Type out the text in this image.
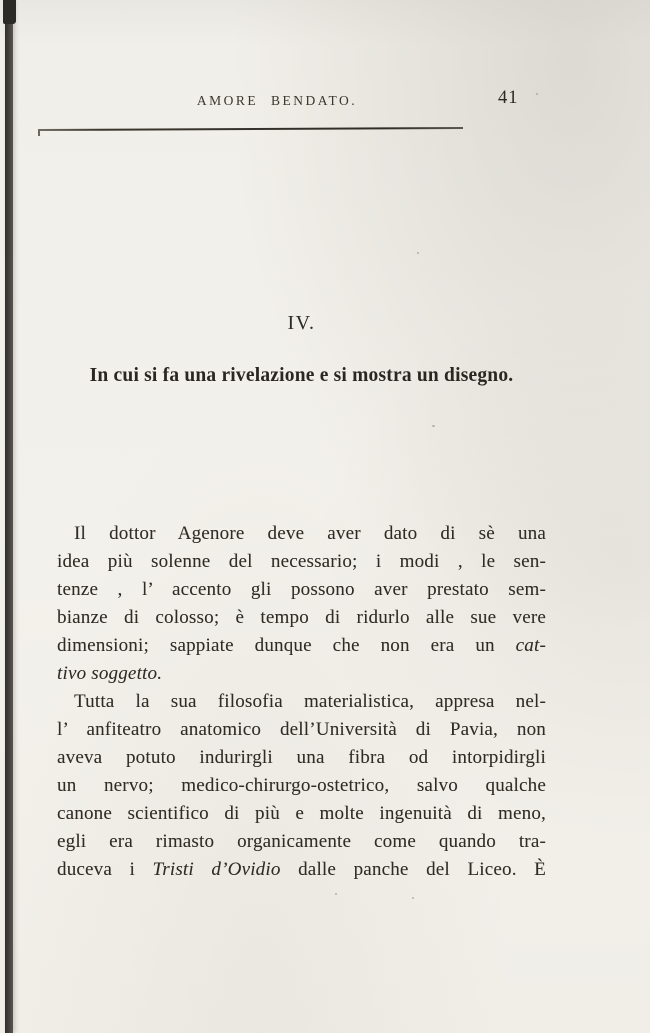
AMORE BENDATO.	41
IV.
In cui si fa una rivelazione e si mostra un disegno.
Il dottor Agenore deve aver dato di sè una
idea più solenne del necessario; i modi , le sen-
tenze , l’ accento gli possono aver prestato sem-
bianze di colosso; è tempo di ridurlo alle sue vere
dimensioni; sappiate dunque che non era un cat-
tivo soggetto.
Tutta la sua filosofia materialistica, appresa nel-
l’ anfiteatro anatomico dell’Università di Pavia, non
aveva potuto indurirgli una fibra od intorpidirgli
un nervo; medico-chirurgo-ostetrico, salvo qualche
canone scientifico di più e molte ingenuità di meno,
egli era rimasto organicamente come quando tra-
duceva i Tristi d’Ovidio dalle panche del Liceo. È
